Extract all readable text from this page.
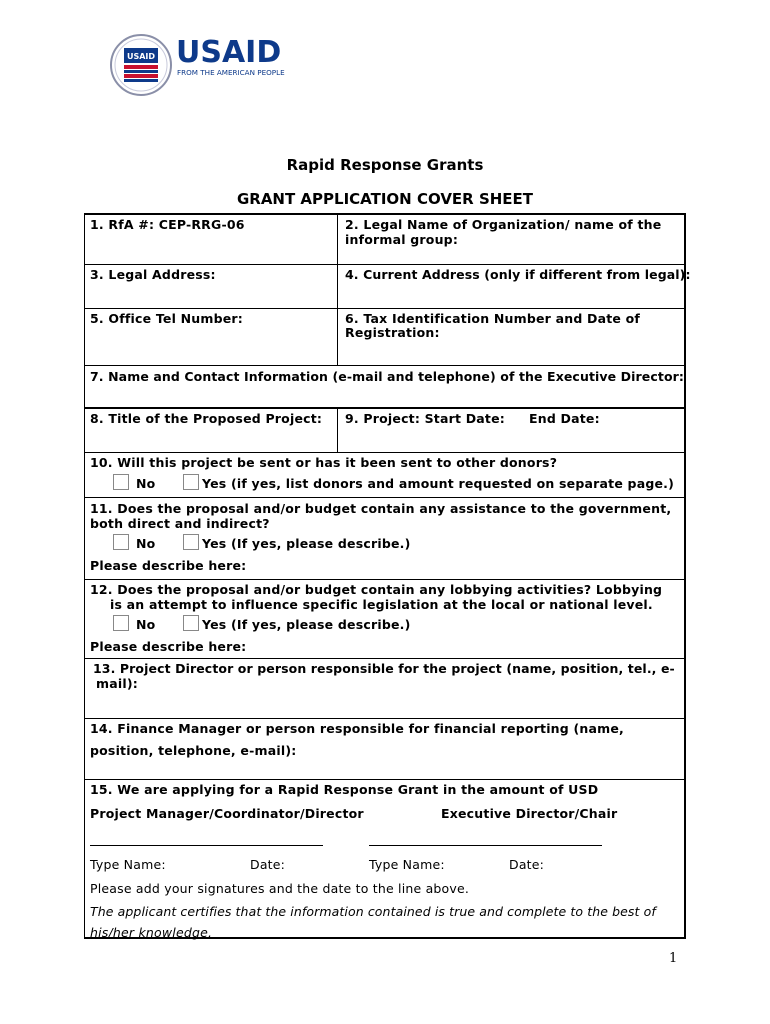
USAID USAID
FROM THE AMERICAN PEOPLE
Rapid Response Grants
GRANT APPLICATION COVER SHEET
1. RfA #: CEP-RRG-06	2. Legal Name of Organization/ name of the
informal group:
3. Legal Address:	4. Current Address (only if different from legal):
5. Office Tel Number:	6. Tax Identification Number and Date of
Registration:
7. Name and Contact Information (e-mail and telephone) of the Executive Director:
8. Title of the Proposed Project: 9. Project: Start Date: End Date:
10. Will this project be sent or has it been sent to other donors?
No	Yes (if yes, list donors and amount requested on separate page.)
11. Does the proposal and/or budget contain any assistance to the government,
both direct and indirect?
No	Yes (If yes, please describe.)
Please describe here:
12. Does the proposal and/or budget contain any lobbying activities? Lobbying
is an attempt to influence specific legislation at the local or national level.
No	Yes (If yes, please describe.)
Please describe here:
13. Project Director or person responsible for the project (name, position, tel., e-
mail):
14. Finance Manager or person responsible for financial reporting (name,
position, telephone, e-mail):
15. We are applying for a Rapid Response Grant in the amount of USD
Project Manager/Coordinator/Director	Executive Director/Chair
Type Name:	Date:	Type Name:	Date:
Please add your signatures and the date to the line above.
The applicant certifies that the information contained is true and complete to the best of
his/her knowledge.
1
